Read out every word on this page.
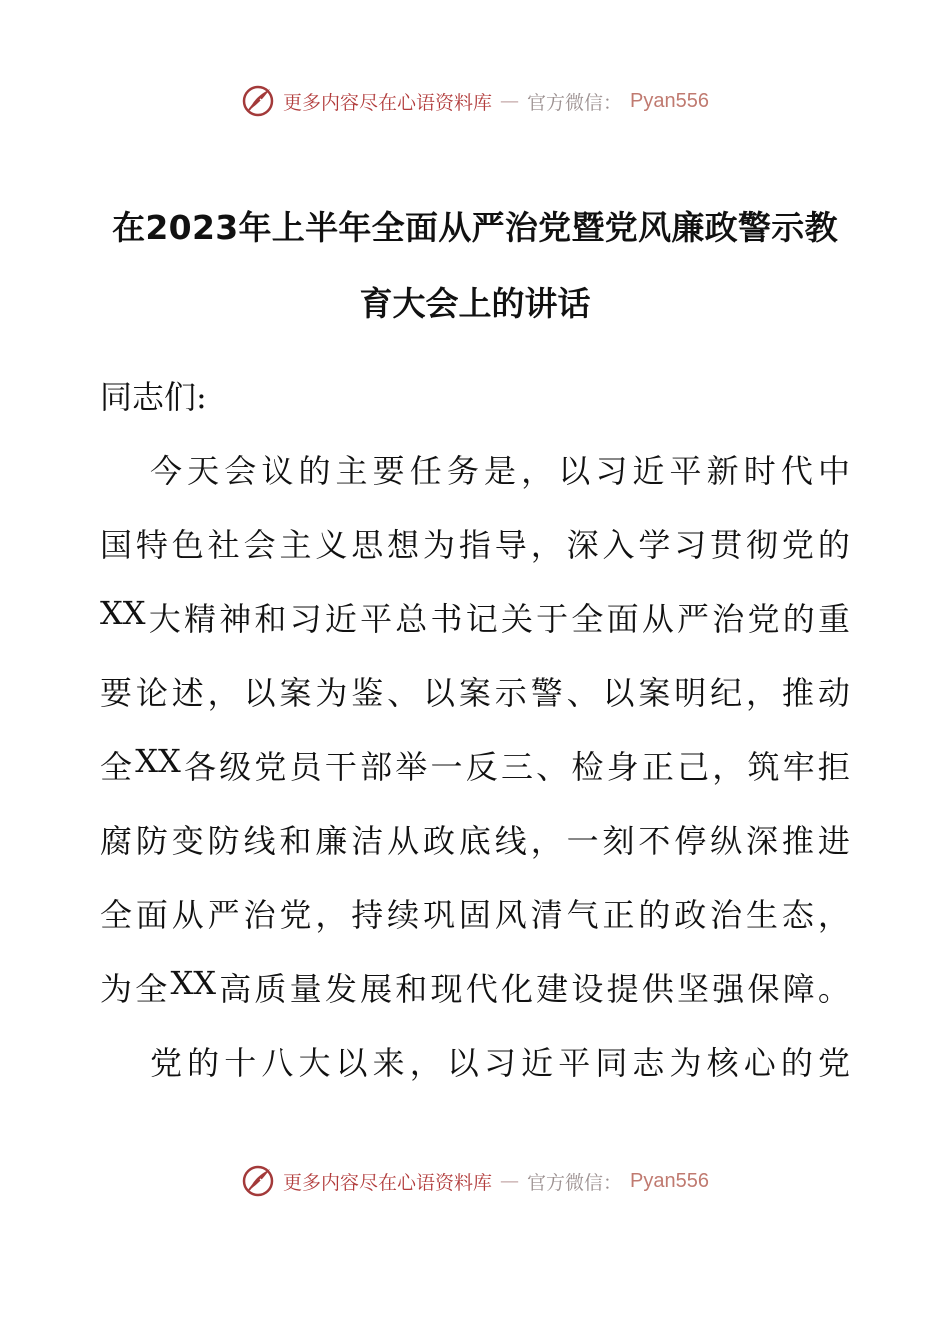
更多内容尽在心语资料库 — 官方微信： Pyan556
在2023年上半年全面从严治党暨党风廉政警示教
育大会上的讲话

同志们:

今 天 会 议 的 主 要 任 务 是 ， 以 习 近 平 新 时 代 中

国 特 色 社 会 主 义 思 想 为 指 导 ， 深 入 学 习 贯 彻 党 的

XX 大 精 神 和 习 近 平 总 书 记 关 于 全 面 从 严 治 党 的 重

要 论 述 ， 以 案 为 鉴 、 以 案 示 警 、 以 案 明 纪 ， 推 动

全 XX 各 级 党 员 干 部 举 一 反 三 、 检 身 正 己 ， 筑 牢 拒

腐 防 变 防 线 和 廉 洁 从 政 底 线 ， 一 刻 不 停 纵 深 推 进

全 面 从 严 治 党 ， 持 续 巩 固 风 清 气 正 的 政 治 生 态 ，

为 全 XX 高 质 量 发 展 和 现 代 化 建 设 提 供 坚 强 保 障 。

党 的 十 八 大 以 来 ， 以 习 近 平 同 志 为 核 心 的 党

更多内容尽在心语资料库 — 官方微信： Pyan556
